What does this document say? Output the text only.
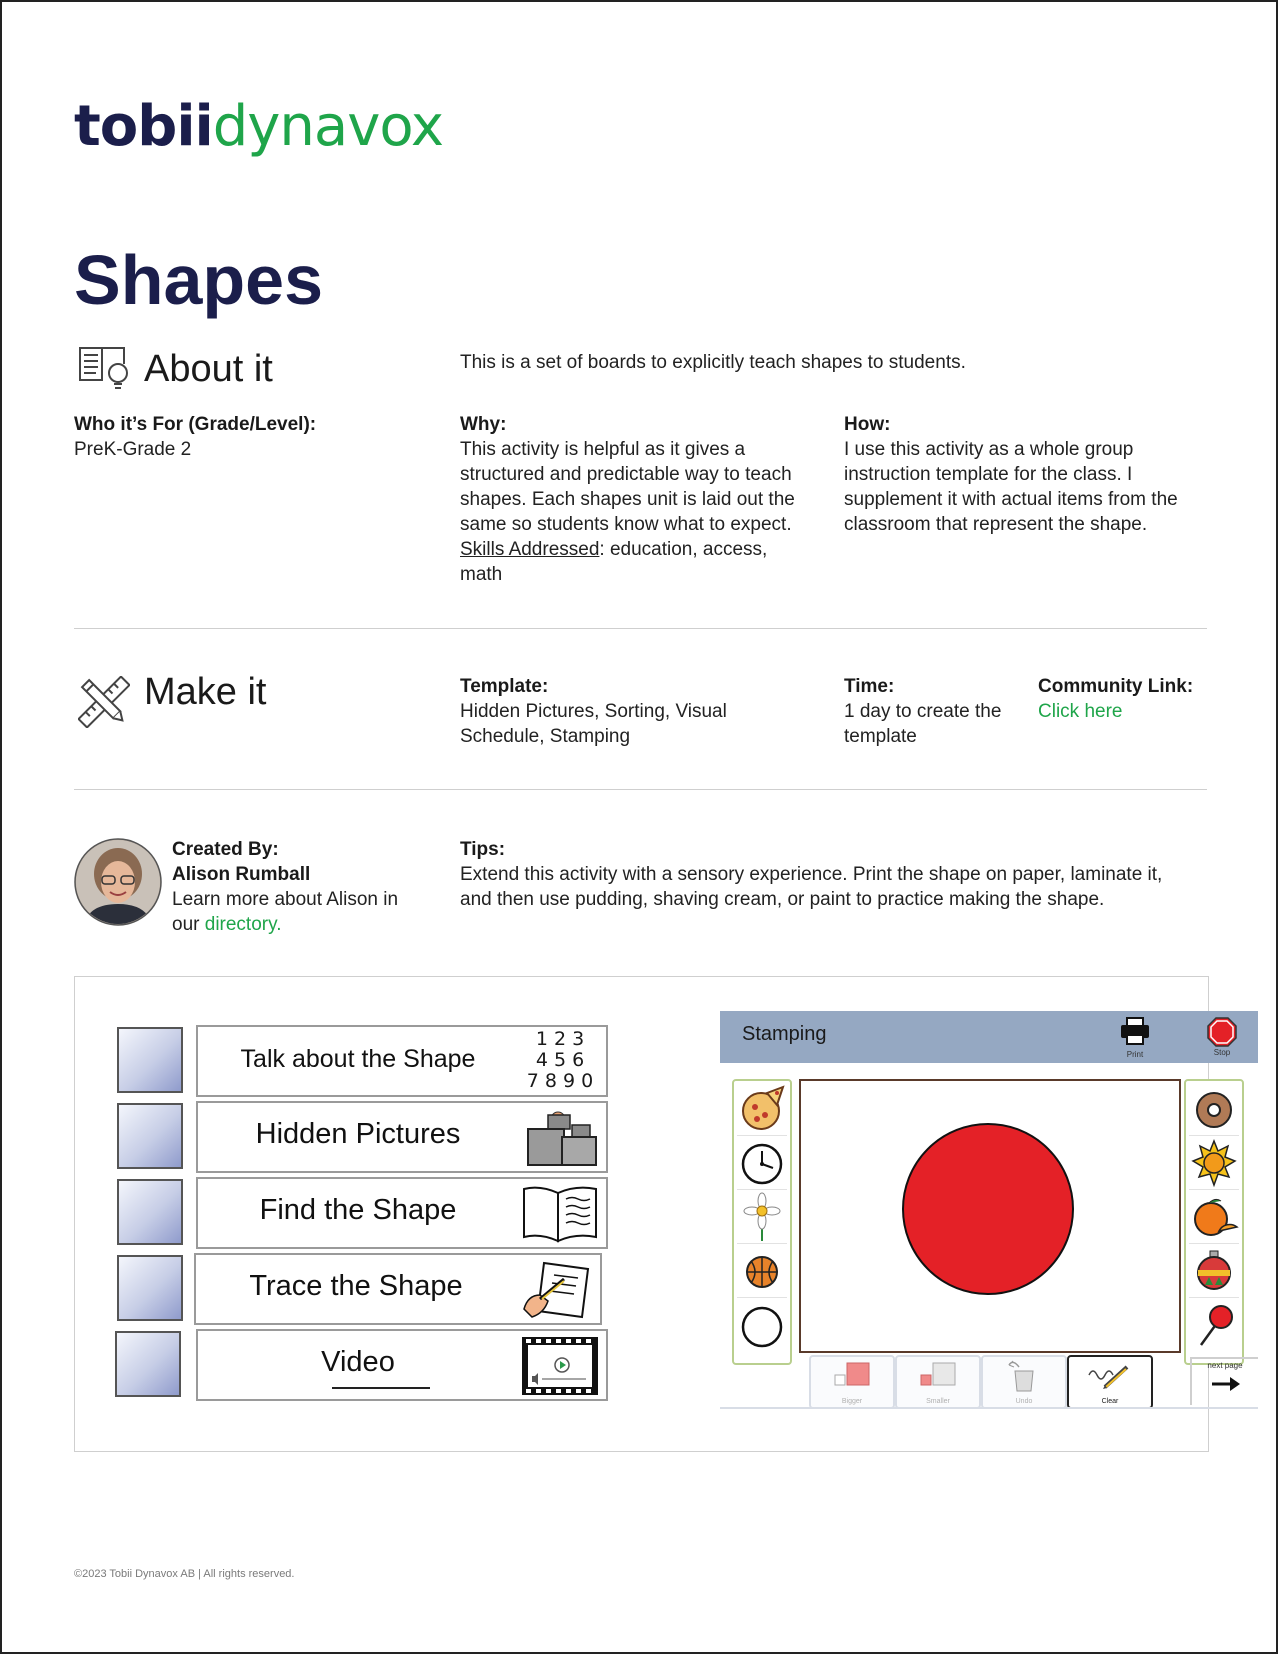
tobiidynavox
Shapes
About it	This is a set of boards to explicitly teach shapes to students.
Who it’s For (Grade/Level):
PreK-Grade 2
Why:
This activity is helpful as it gives a
structured and predictable way to teach
shapes. Each shapes unit is laid out the
same so students know what to expect.
Skills Addressed: education, access,
math
How:
I use this activity as a whole group
instruction template for the class. I
supplement it with actual items from the
classroom that represent the shape.
Make it	Template:
Hidden Pictures, Sorting, Visual
Schedule, Stamping
Time:
1 day to create the
template
Community Link:
Click here
Created By:
Alison Rumball
Learn more about Alison in
our directory.
Tips:
Extend this activity with a sensory experience. Print the shape on paper, laminate it,
and then use pudding, shaving cream, or paint to practice making the shape.
Talk about the Shape
1 2 3
4 5 6
7 8 9 0
Hidden Pictures
Find the Shape
Trace the Shape
Video
Stamping
Print	Stop
Bigger	Smaller	Undo	Clear
next page
©2023 Tobii Dynavox AB | All rights reserved.
